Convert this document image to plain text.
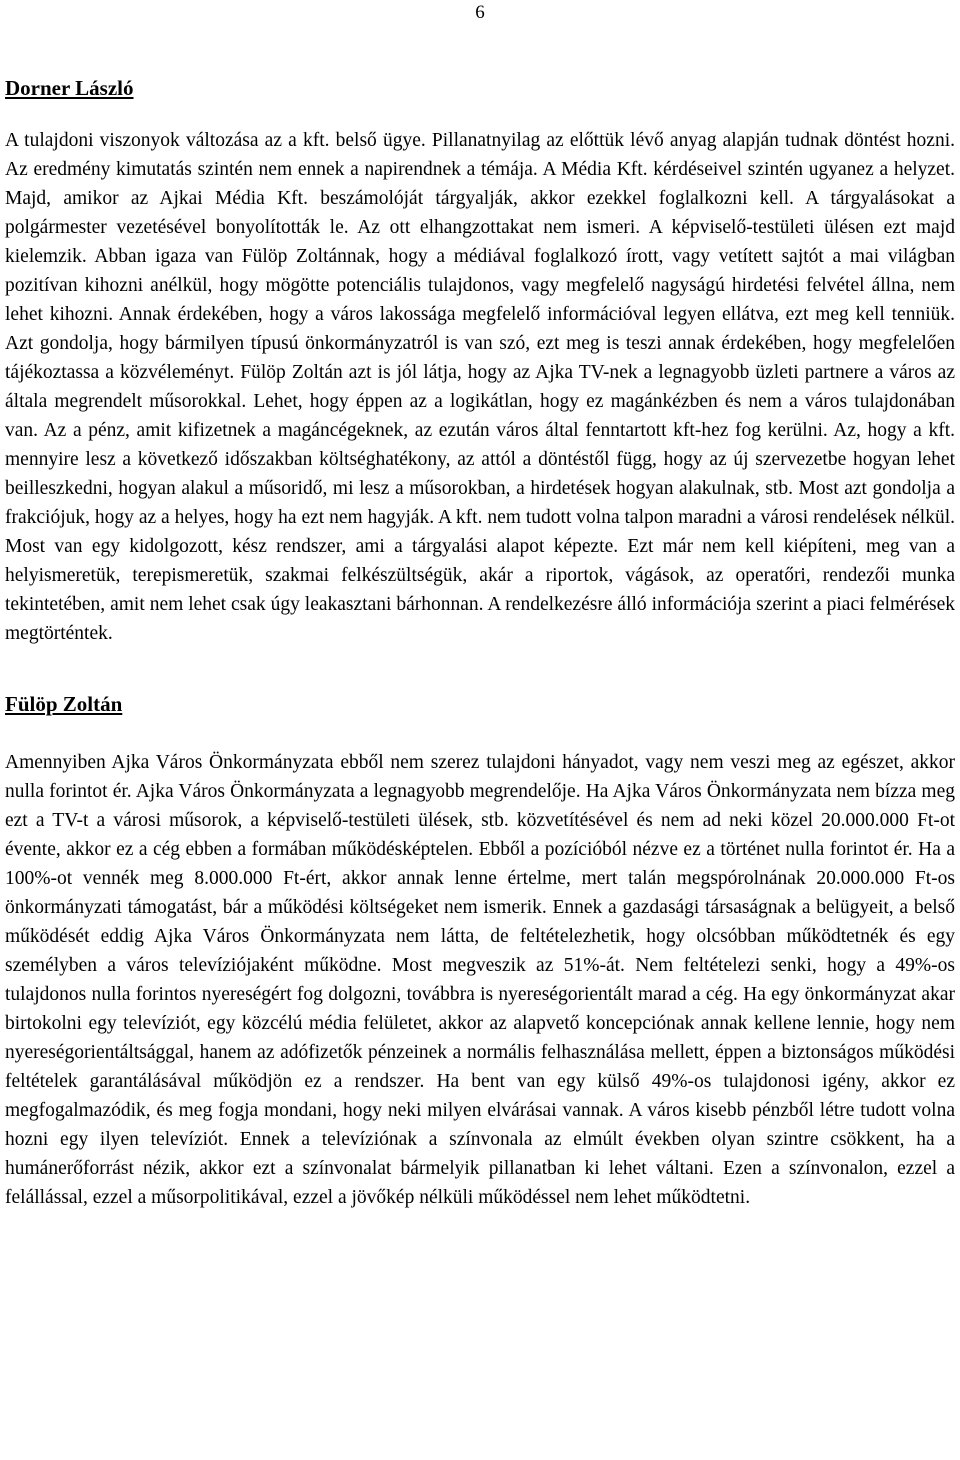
6
Dorner László

A tulajdoni viszonyok változása az a kft. belső ügye. Pillanatnyilag az előttük lévő anyag alapján tudnak döntést hozni. Az eredmény kimutatás szintén nem ennek a napirendnek a témája. A Média Kft. kérdéseivel szintén ugyanez a helyzet. Majd, amikor az Ajkai Média Kft. beszámolóját tárgyalják, akkor ezekkel foglalkozni kell. A tárgyalásokat a polgármester vezetésével bonyolították le. Az ott elhangzottakat nem ismeri. A képviselő-testületi ülésen ezt majd kielemzik. Abban igaza van Fülöp Zoltánnak, hogy a médiával foglalkozó írott, vagy vetített sajtót a mai világban pozitívan kihozni anélkül, hogy mögötte potenciális tulajdonos, vagy megfelelő nagyságú hirdetési felvétel állna, nem lehet kihozni. Annak érdekében, hogy a város lakossága megfelelő információval legyen ellátva, ezt meg kell tenniük. Azt gondolja, hogy bármilyen típusú önkormányzatról is van szó, ezt meg is teszi annak érdekében, hogy megfelelően tájékoztassa a közvéleményt. Fülöp Zoltán azt is jól látja, hogy az Ajka TV-nek a legnagyobb üzleti partnere a város az általa megrendelt műsorokkal. Lehet, hogy éppen az a logikátlan, hogy ez magánkézben és nem a város tulajdonában van. Az a pénz, amit kifizetnek a magáncégeknek, az ezután város által fenntartott kft-hez fog kerülni. Az, hogy a kft. mennyire lesz a következő időszakban költséghatékony, az attól a döntéstől függ, hogy az új szervezetbe hogyan lehet beilleszkedni, hogyan alakul a műsoridő, mi lesz a műsorokban, a hirdetések hogyan alakulnak, stb. Most azt gondolja a frakciójuk, hogy az a helyes, hogy ha ezt nem hagyják. A kft. nem tudott volna talpon maradni a városi rendelések nélkül. Most van egy kidolgozott, kész rendszer, ami a tárgyalási alapot képezte. Ezt már nem kell kiépíteni, meg van a helyismeretük, terepismeretük, szakmai felkészültségük, akár a riportok, vágások, az operatőri, rendezői munka tekintetében, amit nem lehet csak úgy leakasztani bárhonnan. A rendelkezésre álló információja szerint a piaci felmérések megtörténtek.

Fülöp Zoltán

Amennyiben Ajka Város Önkormányzata ebből nem szerez tulajdoni hányadot, vagy nem veszi meg az egészet, akkor nulla forintot ér. Ajka Város Önkormányzata a legnagyobb megrendelője. Ha Ajka Város Önkormányzata nem bízza meg ezt a TV-t a városi műsorok, a képviselő-testületi ülések, stb. közvetítésével és nem ad neki közel 20.000.000 Ft-ot évente, akkor ez a cég ebben a formában működésképtelen. Ebből a pozícióból nézve ez a történet nulla forintot ér. Ha a 100%-ot vennék meg 8.000.000 Ft-ért, akkor annak lenne értelme, mert talán megspórolnának 20.000.000 Ft-os önkormányzati támogatást, bár a működési költségeket nem ismerik. Ennek a gazdasági társaságnak a belügyeit, a belső működését eddig Ajka Város Önkormányzata nem látta, de feltételezhetik, hogy olcsóbban működtetnék és egy személyben a város televíziójaként működne. Most megveszik az 51%-át. Nem feltételezi senki, hogy a 49%-os tulajdonos nulla forintos nyereségért fog dolgozni, továbbra is nyereségorientált marad a cég. Ha egy önkormányzat akar birtokolni egy televíziót, egy közcélú média felületet, akkor az alapvető koncepciónak annak kellene lennie, hogy nem nyereségorientáltsággal, hanem az adófizetők pénzeinek a normális felhasználása mellett, éppen a biztonságos működési feltételek garantálásával működjön ez a rendszer. Ha bent van egy külső 49%-os tulajdonosi igény, akkor ez megfogalmazódik, és meg fogja mondani, hogy neki milyen elvárásai vannak. A város kisebb pénzből létre tudott volna hozni egy ilyen televíziót. Ennek a televíziónak a színvonala az elmúlt években olyan szintre csökkent, ha a humánerőforrást nézik, akkor ezt a színvonalat bármelyik pillanatban ki lehet váltani. Ezen a színvonalon, ezzel a felállással, ezzel a műsorpolitikával, ezzel a jövőkép nélküli működéssel nem lehet működtetni.
